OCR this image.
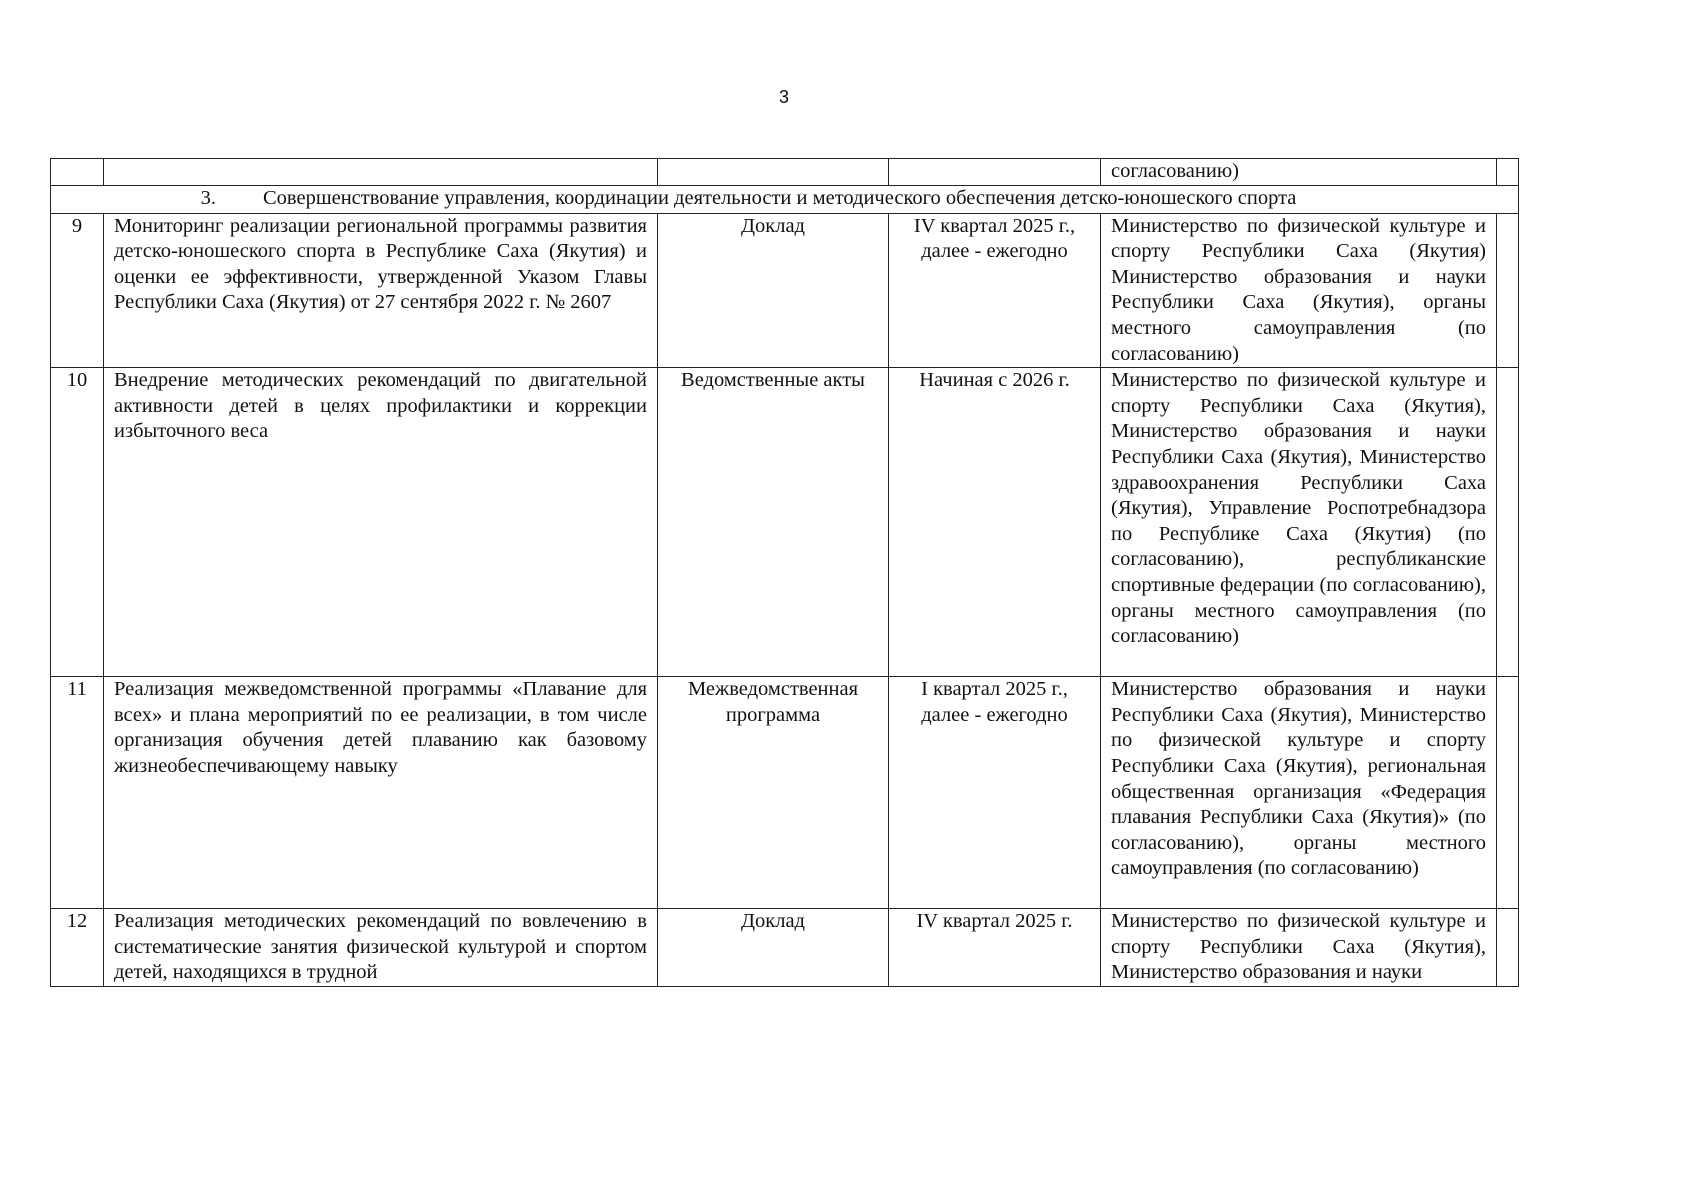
3

				согласованию)	

3. Совершенствование управления, координации деятельности и методического обеспечения детско-юношеского спорта					
9	Мониторинг реализации региональной программы развития детско-юношеского спорта в Республике Саха (Якутия) и оценки ее эффективности, утвержденной Указом Главы Республики Саха (Якутия) от 27 сентября 2022 г. № 2607	Доклад	IV квартал 2025 г., далее - ежегодно	Министерство по физической культуре и спорту Республики Саха (Якутия) Министерство образования и науки Республики Саха (Якутия), органы местного самоуправления (по согласованию)	

10	Внедрение методических рекомендаций по двигательной активности детей в целях профилактики и коррекции избыточного веса	Ведомственные акты	Начиная с 2026 г.	Министерство по физической культуре и спорту Республики Саха (Якутия), Министерство образования и науки Республики Саха (Якутия), Министерство здравоохранения Республики Саха (Якутия), Управление Роспотребнадзора по Республике Саха (Якутия) (по согласованию), республиканские спортивные федерации (по согласованию), органы местного самоуправления (по согласованию)	

11	Реализация межведомственной программы «Плавание для всех» и плана мероприятий по ее реализации, в том числе организация обучения детей плаванию как базовому жизнеобеспечивающему навыку	Межведомственная программа	I квартал 2025 г., далее - ежегодно	Министерство образования и науки Республики Саха (Якутия), Министерство по физической культуре и спорту Республики Саха (Якутия), региональная общественная организация «Федерация плавания Республики Саха (Якутия)» (по согласованию), органы местного самоуправления (по согласованию)	

12	Реализация методических рекомендаций по вовлечению в систематические занятия физической культурой и спортом детей, находящихся в трудной	Доклад	IV квартал 2025 г.	Министерство по физической культуре и спорту Республики Саха (Якутия), Министерство образования и науки	
